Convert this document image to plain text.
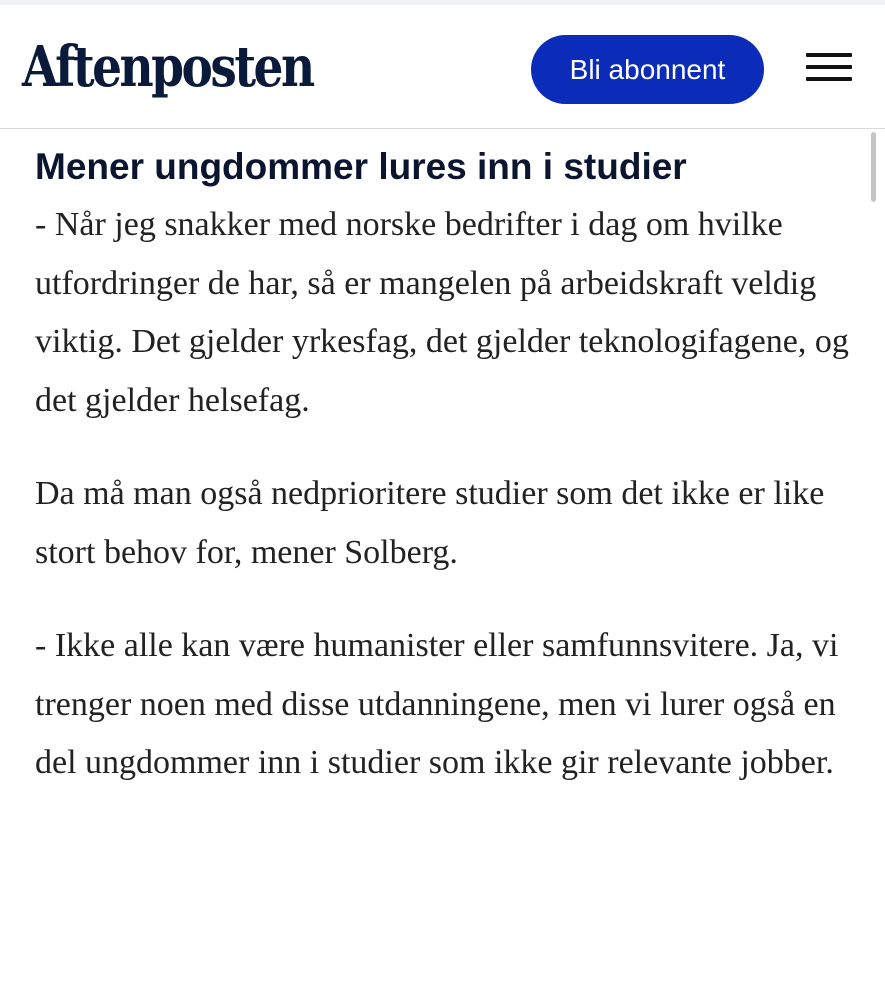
Aftenposten	Bli abonnent
Mener ungdommer lures inn i studier

- Når jeg snakker med norske bedrifter i dag om hvilke utfordringer de har, så er mangelen på arbeidskraft veldig viktig. Det gjelder yrkesfag, det gjelder teknologifagene, og det gjelder helsefag.

Da må man også nedprioritere studier som det ikke er like stort behov for, mener Solberg.

- Ikke alle kan være humanister eller samfunnsvitere. Ja, vi trenger noen med disse utdanningene, men vi lurer også en del ungdommer inn i studier som ikke gir relevante jobber.
